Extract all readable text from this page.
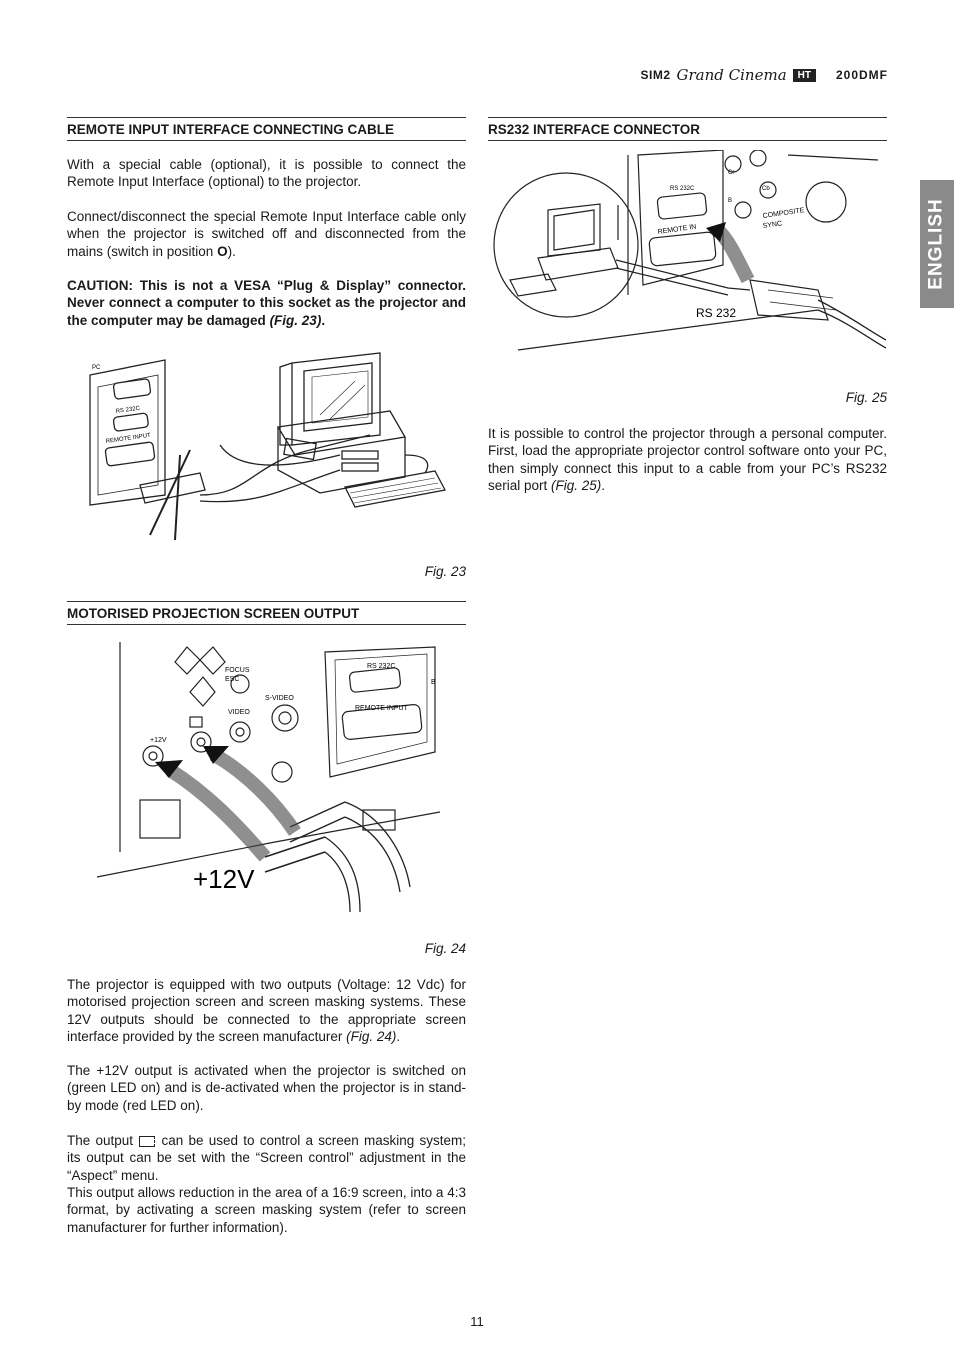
SIM2 Grand Cinema	HT	200DMF
ENGLISH
REMOTE INPUT INTERFACE CONNECTING CABLE

With a special cable (optional), it is possible to connect the Remote Input Interface (optional) to the projector.

Connect/disconnect the special Remote Input Interface cable only when the projector is switched off and disconnected from the mains (switch in position O).

CAUTION: This is not a VESA “Plug & Display” connector. Never connect a computer to this socket as the projector and the computer may be damaged (Fig. 23).

PC
RS 232C
REMOTE INPUT
Fig. 23
MOTORISED PROJECTION SCREEN OUTPUT
FOCUS
ESC
S-VIDEO
VIDEO
+12V
RS 232C
REMOTE INPUT
B
+12V
Fig. 24

The projector is equipped with two outputs (Voltage: 12 Vdc) for motorised projection screen and screen masking systems. These 12V outputs should be connected to the appropriate screen interface provided by the screen manufacturer (Fig. 24).

The +12V output is activated when the projector is switched on (green LED on) and is de-activated when the projector is in stand-by mode (red LED on).

The output  can be used to control a screen masking system; its output can be set with the “Screen control” adjustment in the “Aspect” menu.

This output allows reduction in the area of a 16:9 screen, into a 4:3 format, by activating a screen masking system (refer to screen manufacturer for further information).

RS232 INTERFACE CONNECTOR
RS 232C
REMOTE IN
COMPOSITE
SYNC
Cb
B
Cr
RS 232
Fig. 25

It is possible to control the projector through a personal computer. First, load the appropriate projector control software onto your PC, then simply connect this input to a cable from your PC’s RS232 serial port (Fig. 25).

11
